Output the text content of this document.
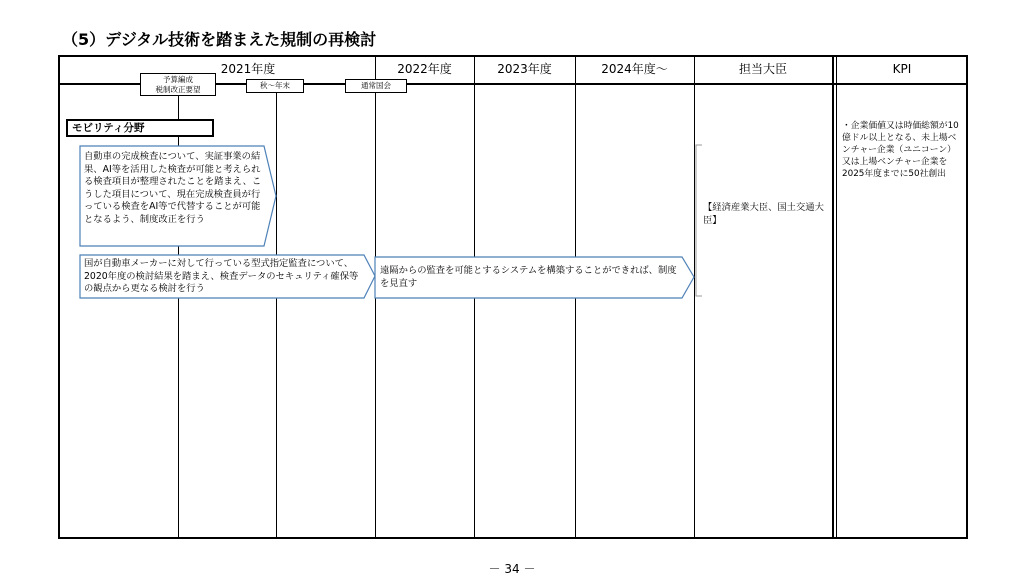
（5）デジタル技術を踏まえた規制の再検討
2021年度	2022年度	2023年度	2024年度～	担当大臣	KPI
予算編成
税制改正要望	秋～年末	通常国会
モビリティ分野
自動車の完成検査について、実証事業の結果、AI等を活用した検査が可能と考えられる検査項目が整理されたことを踏まえ、こうした項目について、現在完成検査員が行っている検査をAI等で代替することが可能となるよう、制度改正を行う
国が自動車メーカーに対して行っている型式指定監査について、2020年度の検討結果を踏まえ、検査データのセキュリティ確保等の観点から更なる検討を行う
遠隔からの監査を可能とするシステムを構築することができれば、制度を見直す
【経済産業大臣、国土交通大臣】
・企業価値又は時価総額が10億ドル以上となる、未上場ベンチャー企業（ユニコーン）又は上場ベンチャー企業を2025年度までに50社創出
－ 34 －
